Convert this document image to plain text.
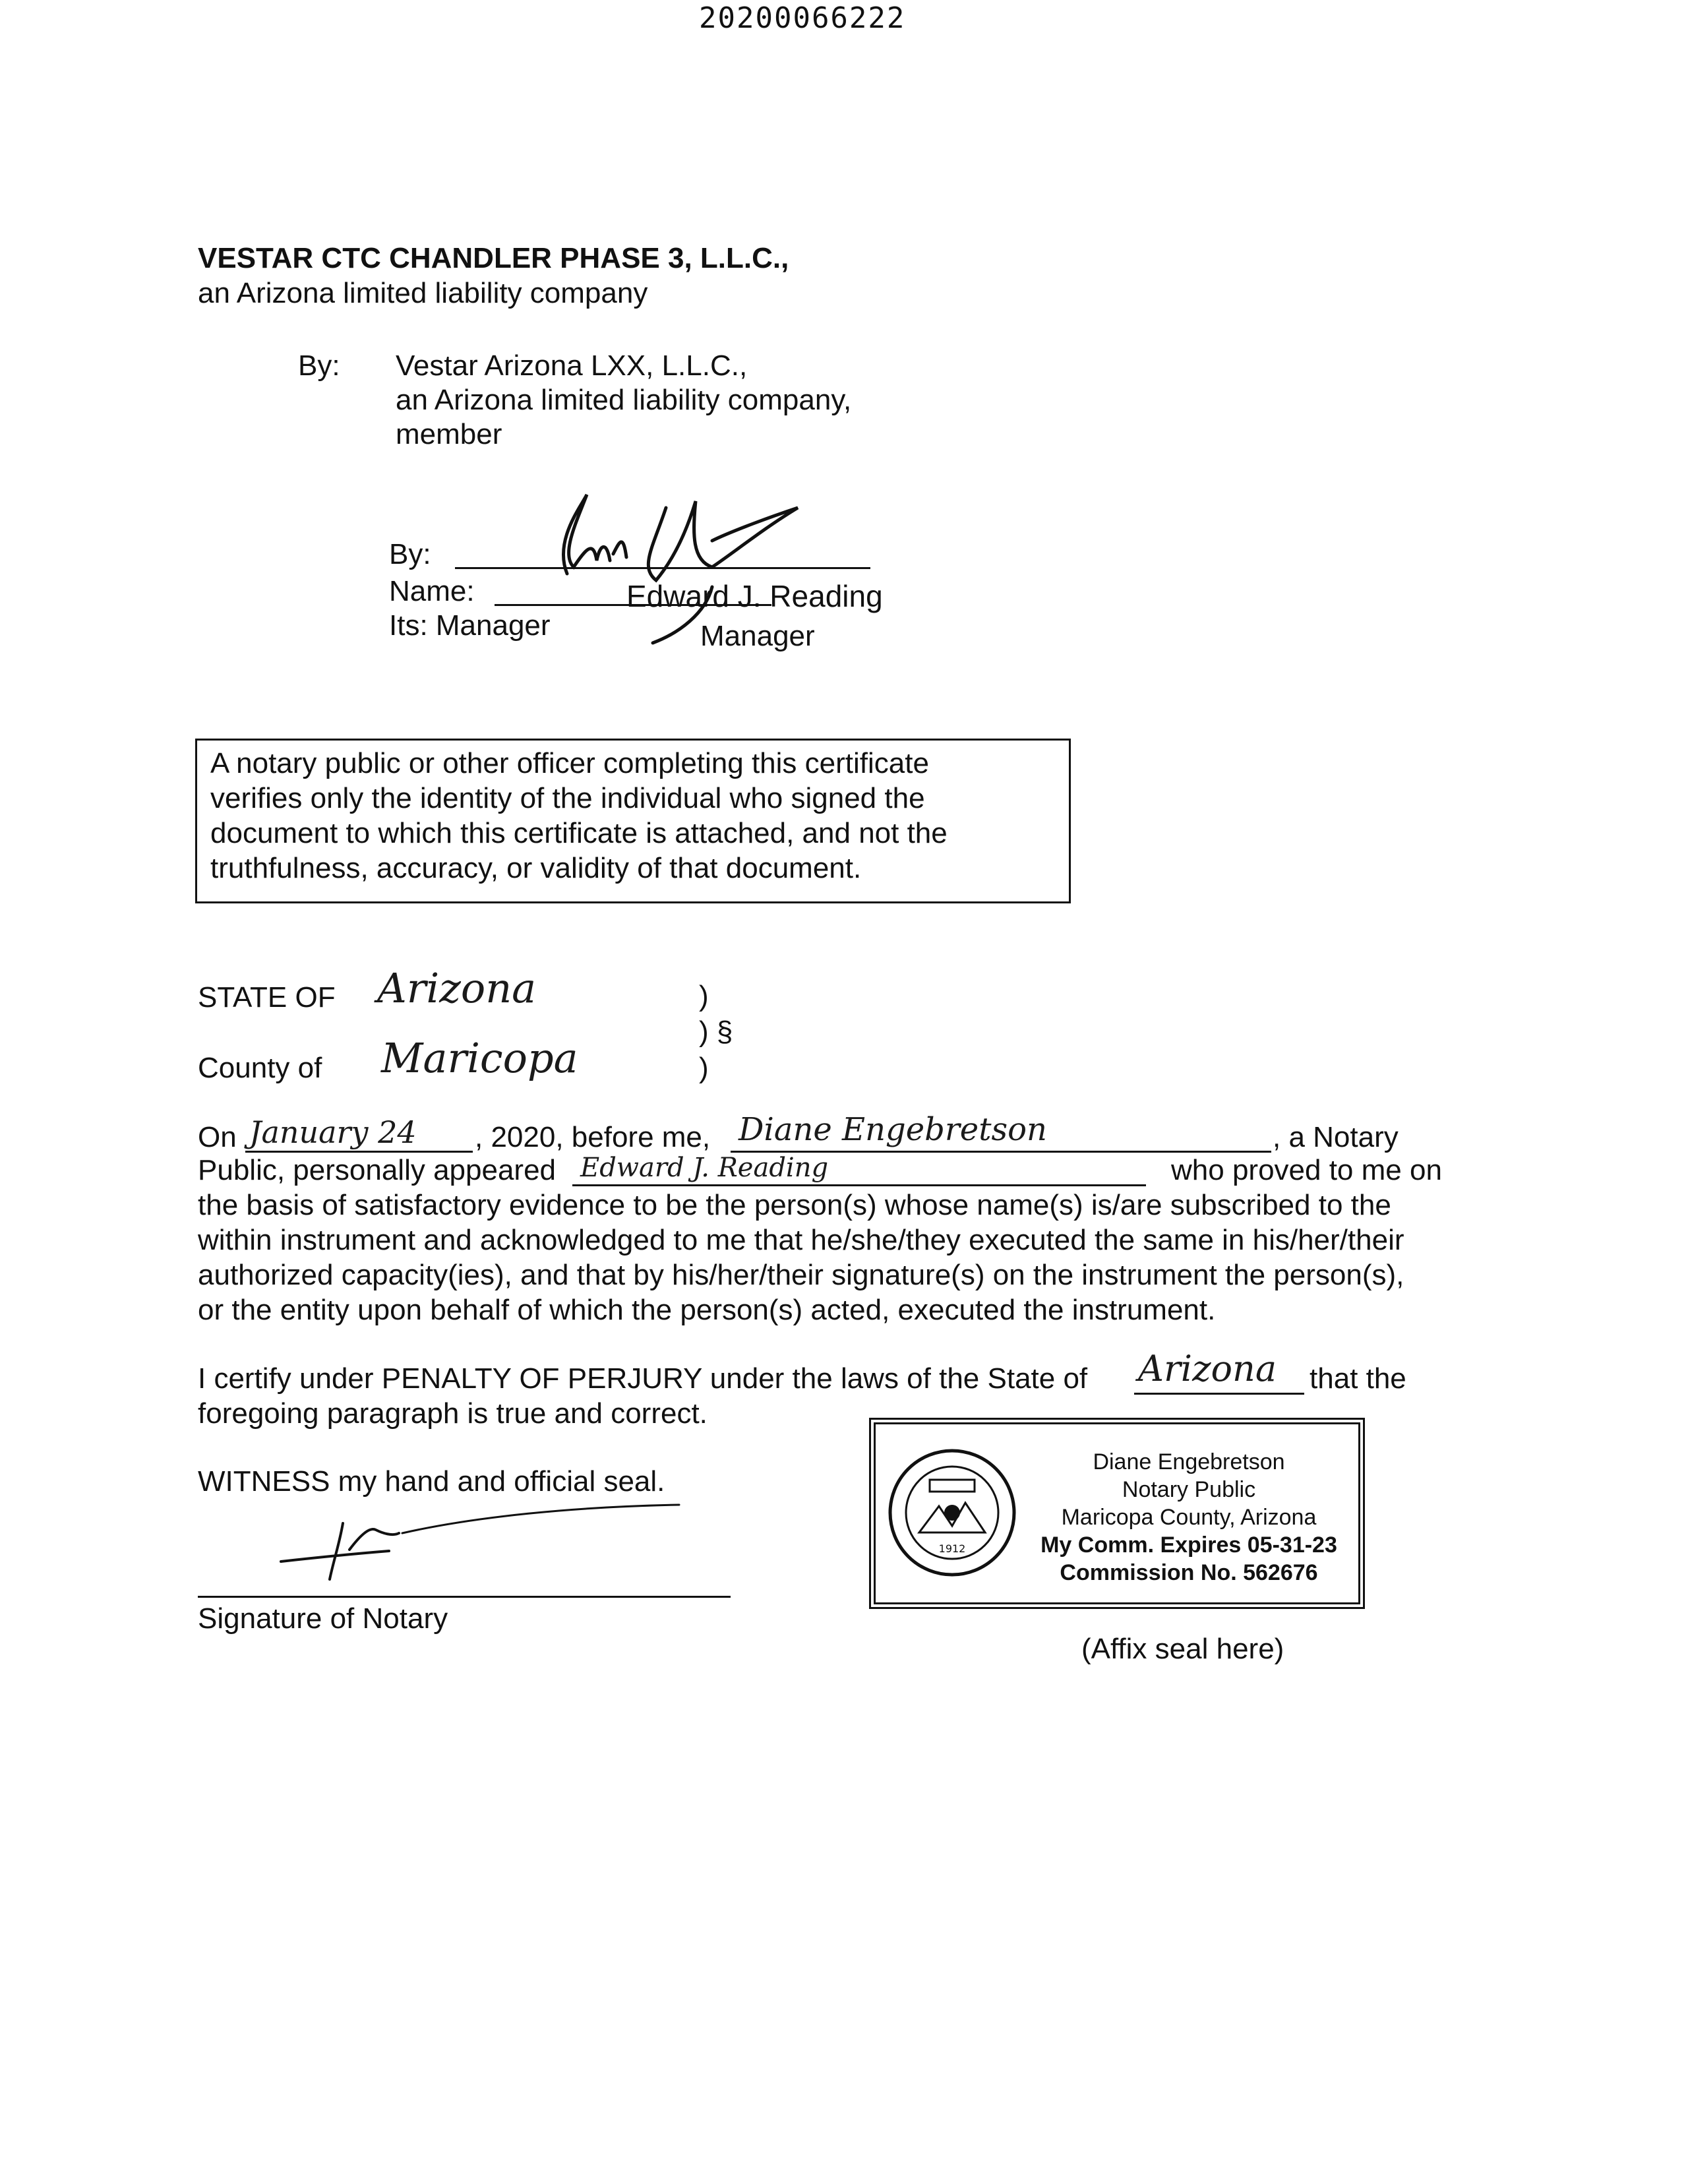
20200066222
VESTAR CTC CHANDLER PHASE 3, L.L.C.,
an Arizona limited liability company
By: Vestar Arizona LXX, L.L.C.,
an Arizona limited liability company,
member
By:
Name:	Edward J. Reading
Its: Manager	Manager
A notary public or other officer completing this certificate
verifies only the identity of the individual who signed the
document to which this certificate is attached, and not the
truthfulness, accuracy, or validity of that document.
STATE OF Arizona
County of Maricopa
)
) §
)
On January 24 , 2020, before me, Diane Engebretson	, a Notary
Public, personally appeared Edward J. Reading	who proved to me on
the basis of satisfactory evidence to be the person(s) whose name(s) is/are subscribed to the
within instrument and acknowledged to me that he/she/they executed the same in his/her/their
authorized capacity(ies), and that by his/her/their signature(s) on the instrument the person(s),
or the entity upon behalf of which the person(s) acted, executed the instrument.
I certify under PENALTY OF PERJURY under the laws of the State of Arizona that the
foregoing paragraph is true and correct.
WITNESS my hand and official seal.
Signature of Notary
1912
Diane Engebretson
Notary Public
Maricopa County, Arizona
My Comm. Expires 05-31-23
Commission No. 562676
(Affix seal here)
